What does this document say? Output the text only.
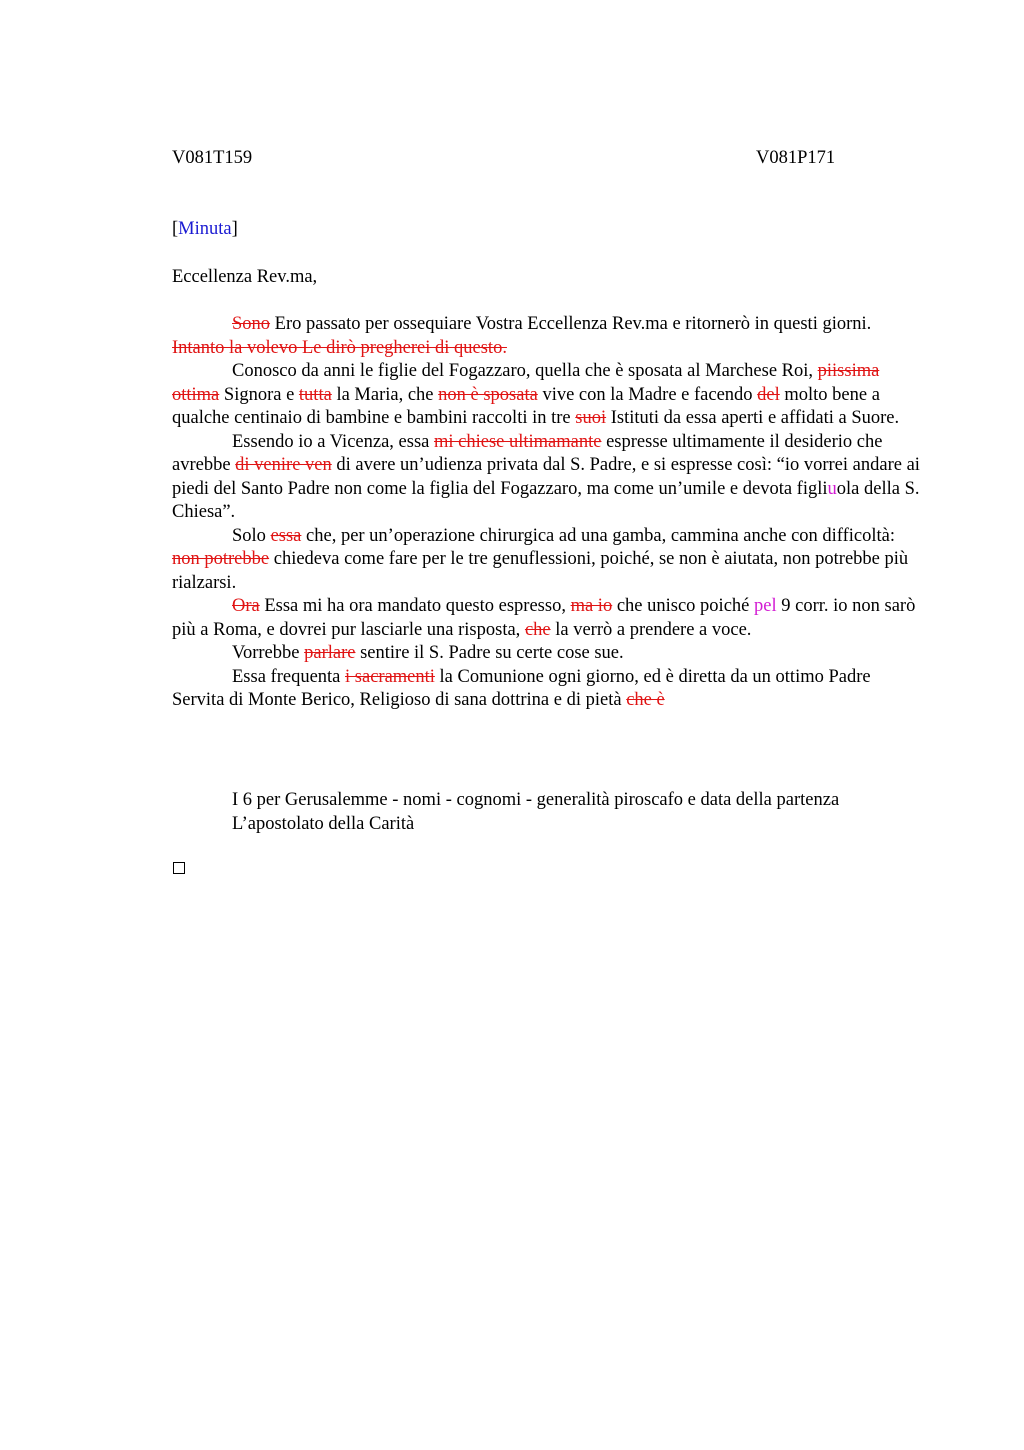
V081T159	V081P171
[Minuta]
Eccellenza Rev.ma,

Sono Ero passato per ossequiare Vostra Eccellenza Rev.ma e ritornerò in questi giorni. Intanto la volevo Le dirò pregherei di questo.

Conosco da anni le figlie del Fogazzaro, quella che è sposata al Marchese Roi, piissima ottima Signora e tutta la Maria, che non è sposata vive con la Madre e facendo del molto bene a qualche centinaio di bambine e bambini raccolti in tre suoi Istituti da essa aperti e affidati a Suore.

Essendo io a Vicenza, essa mi chiese ultimamante espresse ultimamente il desiderio che avrebbe di venire ven di avere un’udienza privata dal S. Padre, e si espresse così: “io vorrei andare ai piedi del Santo Padre non come la figlia del Fogazzaro, ma come un’umile e devota figliuola della S. Chiesa”.

Solo essa che, per un’operazione chirurgica ad una gamba, cammina anche con difficoltà: non potrebbe chiedeva come fare per le tre genuflessioni, poiché, se non è aiutata, non potrebbe più rialzarsi.

Ora Essa mi ha ora mandato questo espresso, ma io che unisco poiché pel 9 corr. io non sarò più a Roma, e dovrei pur lasciarle una risposta, che la verrò a prendere a voce.

Vorrebbe parlare sentire il S. Padre su certe cose sue.

Essa frequenta i sacramenti la Comunione ogni giorno, ed è diretta da un ottimo Padre Servita di Monte Berico, Religioso di sana dottrina e di pietà che è

I 6 per Gerusalemme - nomi - cognomi - generalità piroscafo e data della partenza

L’apostolato della Carità
